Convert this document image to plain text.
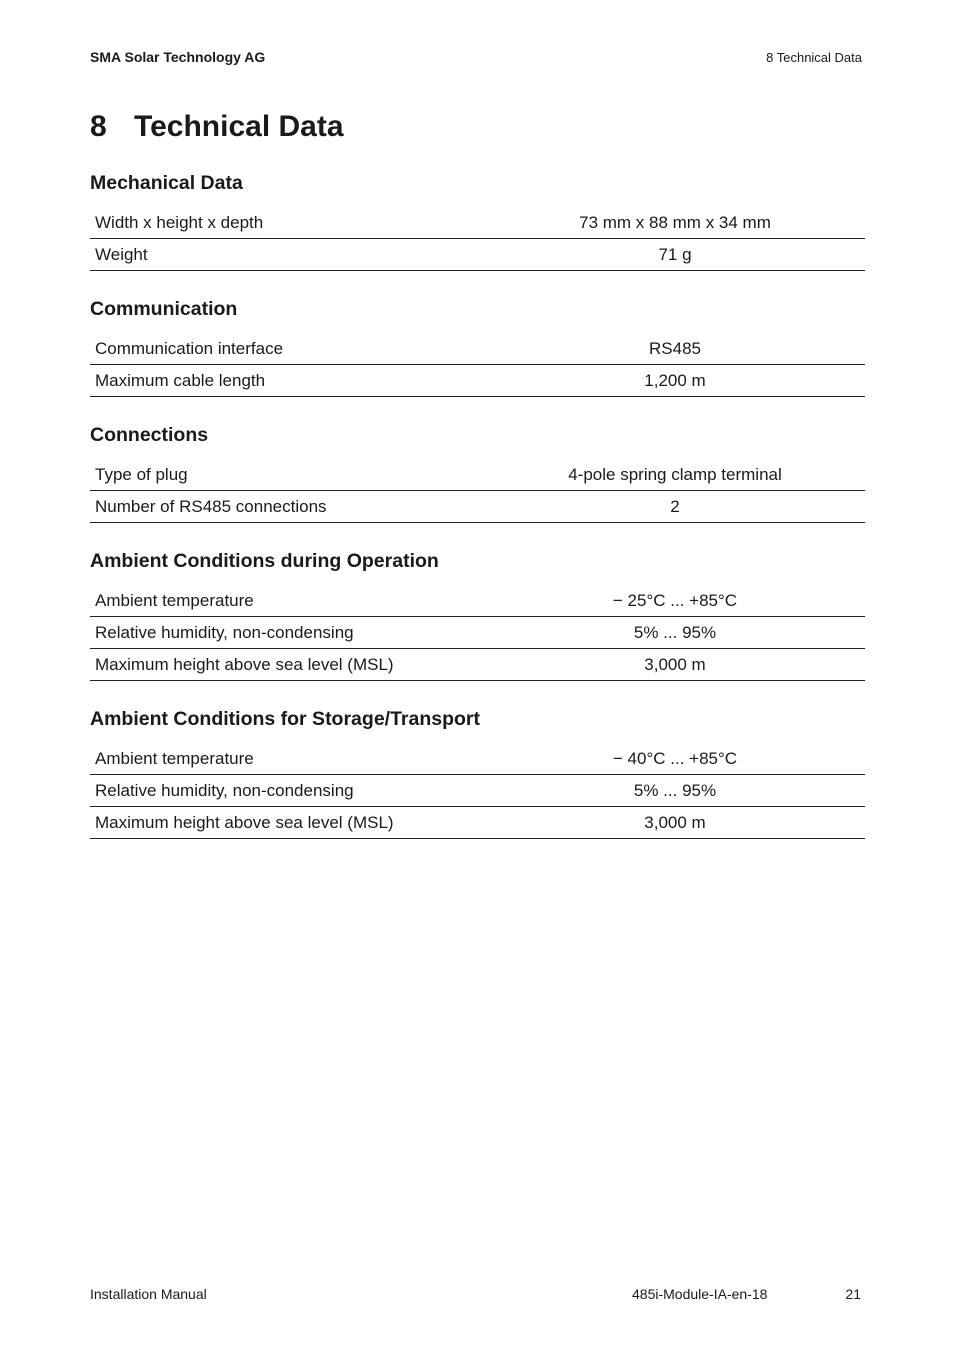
SMA Solar Technology AG	8 Technical Data
8 Technical Data
Mechanical Data
Width x height x depth	73 mm x 88 mm x 34 mm
Weight	71 g
Communication
Communication interface	RS485
Maximum cable length	1,200 m
Connections
Type of plug	4-pole spring clamp terminal
Number of RS485 connections	2
Ambient Conditions during Operation
Ambient temperature	− 25°C ... +85°C
Relative humidity, non-condensing	5% ... 95%
Maximum height above sea level (MSL)	3,000 m
Ambient Conditions for Storage/Transport
Ambient temperature	− 40°C ... +85°C
Relative humidity, non-condensing	5% ... 95%
Maximum height above sea level (MSL)	3,000 m
Installation Manual	485i-Module-IA-en-18	21
